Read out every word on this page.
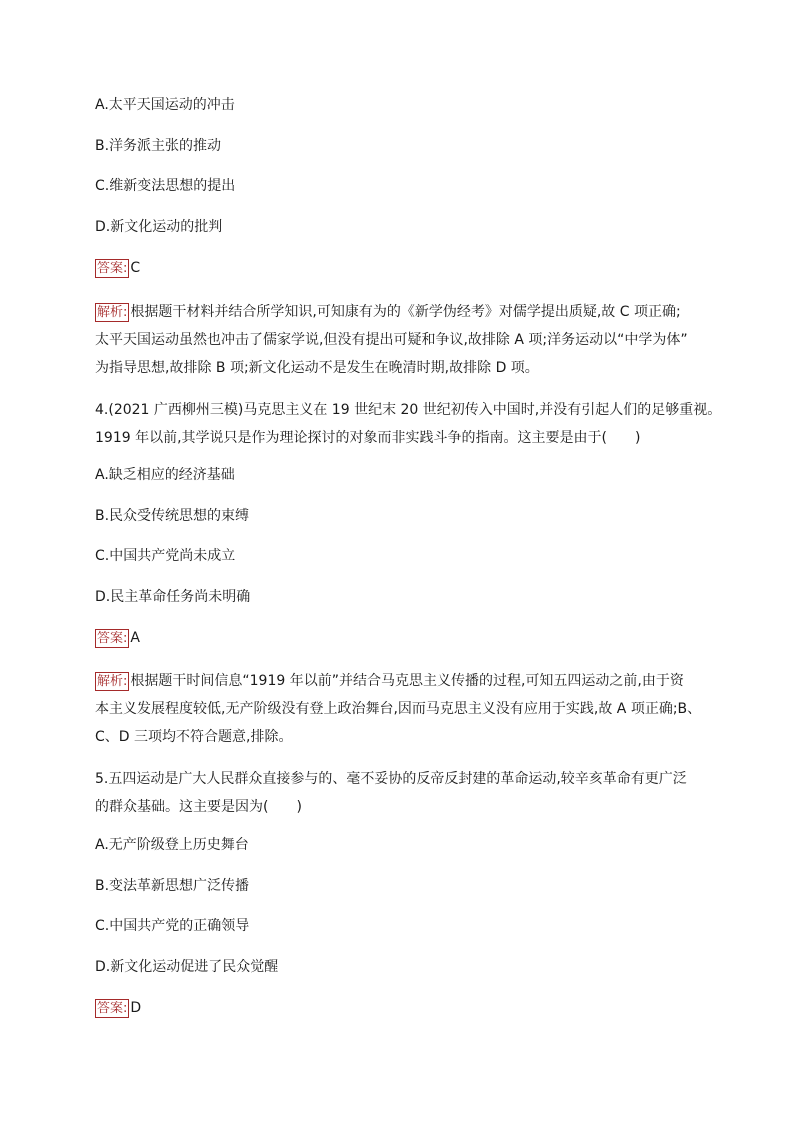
A.太平天国运动的冲击
B.洋务派主张的推动
C.维新变法思想的提出
D.新文化运动的批判
答案: C
解析: 根据题干材料并结合所学知识,可知康有为的《新学伪经考》对儒学提出质疑,故 C 项正确;
太平天国运动虽然也冲击了儒家学说,但没有提出可疑和争议,故排除 A 项;洋务运动以“中学为体”
为指导思想,故排除 B 项;新文化运动不是发生在晚清时期,故排除 D 项。
4.(2021 广西柳州三模)马克思主义在 19 世纪末 20 世纪初传入中国时,并没有引起人们的足够重视。
1919 年以前,其学说只是作为理论探讨的对象而非实践斗争的指南。这主要是由于(　　)
A.缺乏相应的经济基础
B.民众受传统思想的束缚
C.中国共产党尚未成立
D.民主革命任务尚未明确
答案: A
解析: 根据题干时间信息“1919 年以前”并结合马克思主义传播的过程,可知五四运动之前,由于资
本主义发展程度较低,无产阶级没有登上政治舞台,因而马克思主义没有应用于实践,故 A 项正确;B、
C、D 三项均不符合题意,排除。
5.五四运动是广大人民群众直接参与的、毫不妥协的反帝反封建的革命运动,较辛亥革命有更广泛
的群众基础。这主要是因为(　　)
A.无产阶级登上历史舞台
B.变法革新思想广泛传播
C.中国共产党的正确领导
D.新文化运动促进了民众觉醒
答案: D
